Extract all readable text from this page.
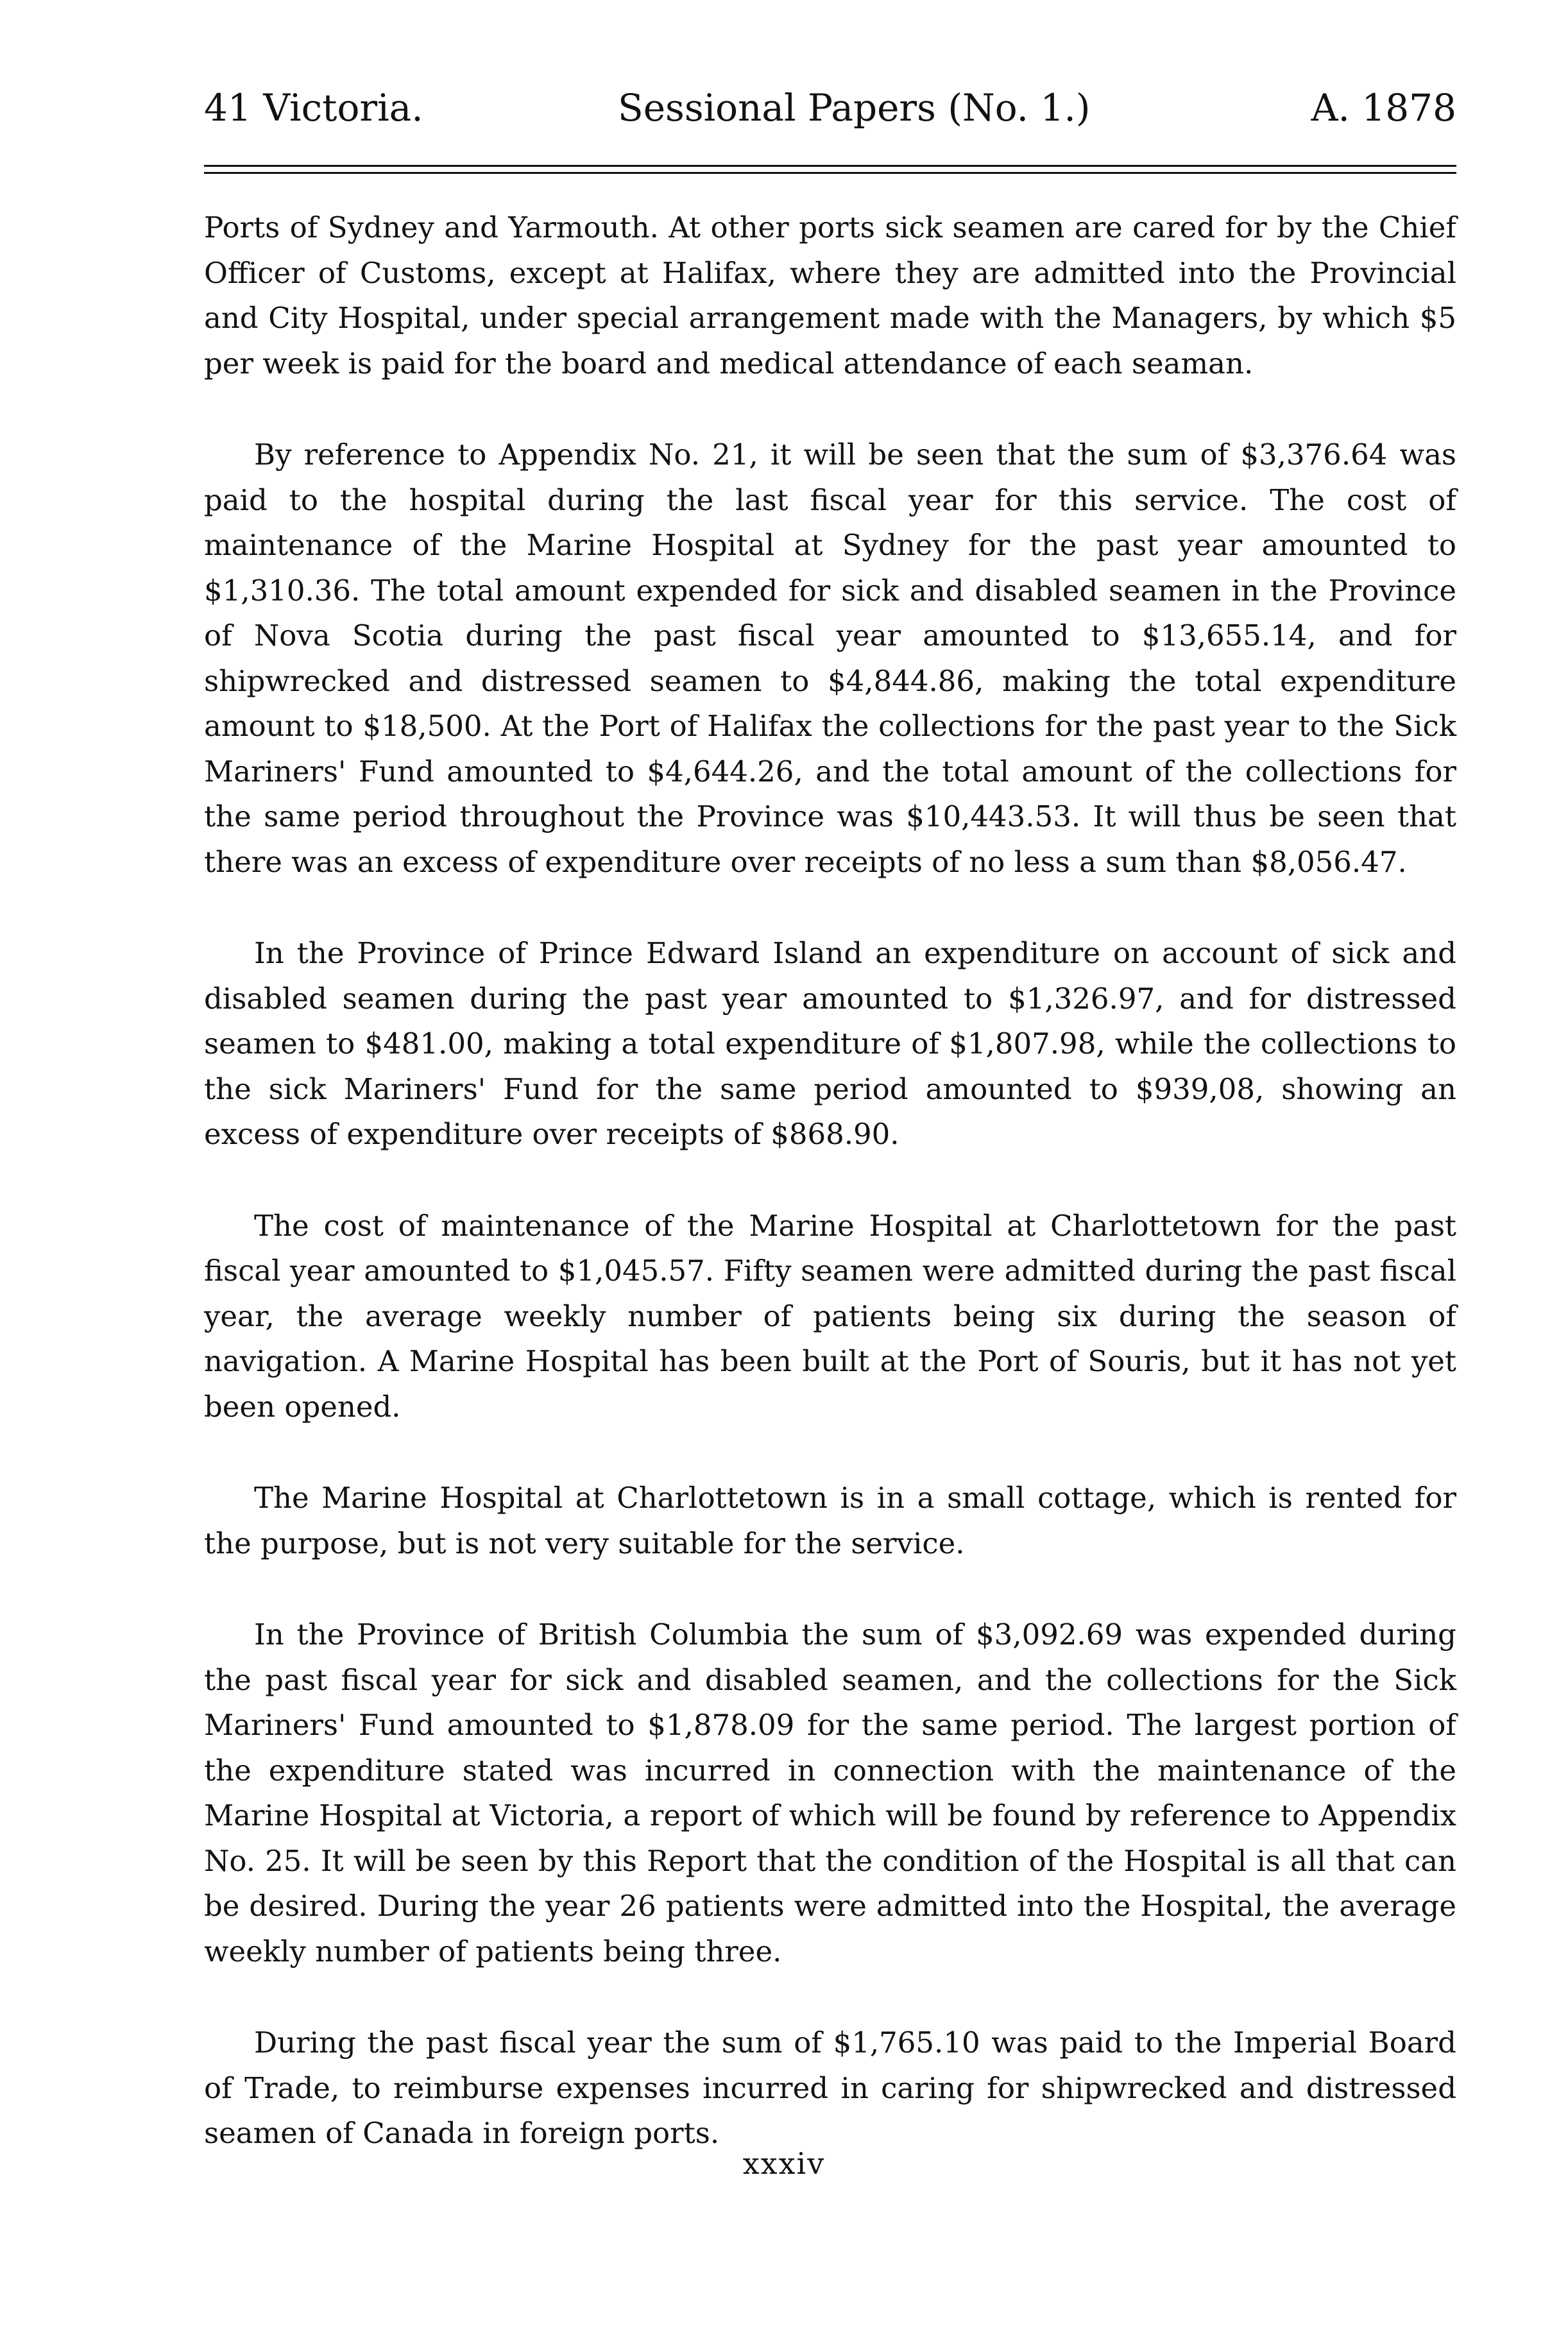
41 Victoria.	Sessional Papers (No. 1.)	A. 1878

Ports of Sydney and Yarmouth. At other ports sick seamen are cared for by the Chief Officer of Customs, except at Halifax, where they are admitted into the Provincial and City Hospital, under special arrangement made with the Managers, by which $5 per week is paid for the board and medical attendance of each seaman.

By reference to Appendix No. 21, it will be seen that the sum of $3,376.64 was paid to the hospital during the last fiscal year for this service. The cost of maintenance of the Marine Hospital at Sydney for the past year amounted to $1,310.36. The total amount expended for sick and disabled seamen in the Province of Nova Scotia during the past fiscal year amounted to $13,655.14, and for shipwrecked and distressed seamen to $4,844.86, making the total expenditure amount to $18,500. At the Port of Halifax the collections for the past year to the Sick Mariners' Fund amounted to $4,644.26, and the total amount of the collections for the same period throughout the Province was $10,443.53. It will thus be seen that there was an excess of expenditure over receipts of no less a sum than $8,056.47.

In the Province of Prince Edward Island an expenditure on account of sick and disabled seamen during the past year amounted to $1,326.97, and for distressed seamen to $481.00, making a total expenditure of $1,807.98, while the collections to the sick Mariners' Fund for the same period amounted to $939,08, showing an excess of expenditure over receipts of $868.90.

The cost of maintenance of the Marine Hospital at Charlottetown for the past fiscal year amounted to $1,045.57. Fifty seamen were admitted during the past fiscal year, the average weekly number of patients being six during the season of navigation. A Marine Hospital has been built at the Port of Souris, but it has not yet been opened.

The Marine Hospital at Charlottetown is in a small cottage, which is rented for the purpose, but is not very suitable for the service.

In the Province of British Columbia the sum of $3,092.69 was expended during the past fiscal year for sick and disabled seamen, and the collections for the Sick Mariners' Fund amounted to $1,878.09 for the same period. The largest portion of the expenditure stated was incurred in connection with the maintenance of the Marine Hospital at Victoria, a report of which will be found by reference to Appendix No. 25. It will be seen by this Report that the condition of the Hospital is all that can be desired. During the year 26 patients were admitted into the Hospital, the average weekly number of patients being three.

During the past fiscal year the sum of $1,765.10 was paid to the Imperial Board of Trade, to reimburse expenses incurred in caring for shipwrecked and distressed seamen of Canada in foreign ports.

xxxiv
